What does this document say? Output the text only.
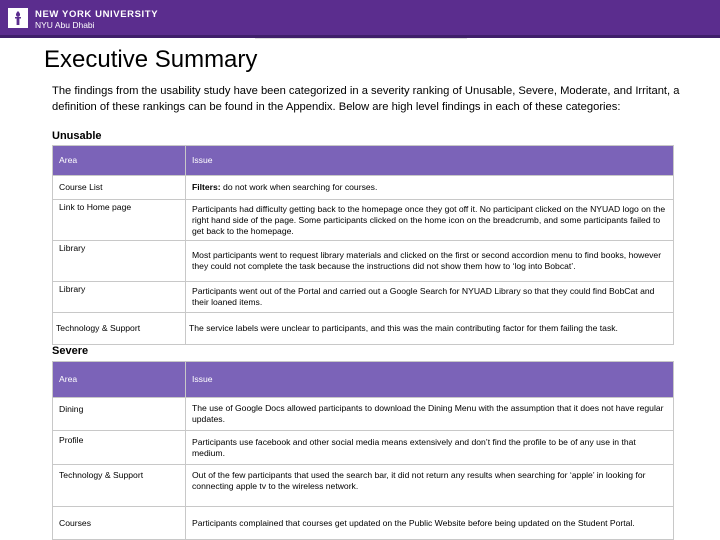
NEW YORK UNIVERSITY
NYU Abu Dhabi
Executive Summary
The findings from the usability study have been categorized in a severity ranking of Unusable, Severe, Moderate, and Irritant, a definition of these rankings can be found in the Appendix. Below are high level findings in each of these categories:
Unusable
Area	Issue
Course List	Filters: do not work when searching for courses.
Link to Home page	Participants had difficulty getting back to the homepage once they got off it. No participant clicked on the NYUAD logo on the right hand side of the page. Some participants clicked on the home icon on the breadcrumb, and some participants failed to get back to the homepage.
Library	Most participants went to request library materials and clicked on the first or second accordion menu to find books, however they could not complete the task because the instructions did not show them how to ‘log into Bobcat’.
Library	Participants went out of the Portal and carried out a Google Search for NYUAD Library so that they could find BobCat and their loaned items.
Technology & Support	The service labels were unclear to participants, and this was the main contributing factor for them failing the task.
Severe
Area	Issue
Dining	The use of Google Docs allowed participants to download the Dining Menu with the assumption that it does not have regular updates.
Profile	Participants use facebook and other social media means extensively and don’t find the profile to be of any use in that medium.
Technology & Support	Out of the few participants that used the search bar, it did not return any results when searching for ‘apple’ in looking for connecting apple tv to the wireless network.
Courses	Participants complained that courses get updated on the Public Website before being updated on the Student Portal.
